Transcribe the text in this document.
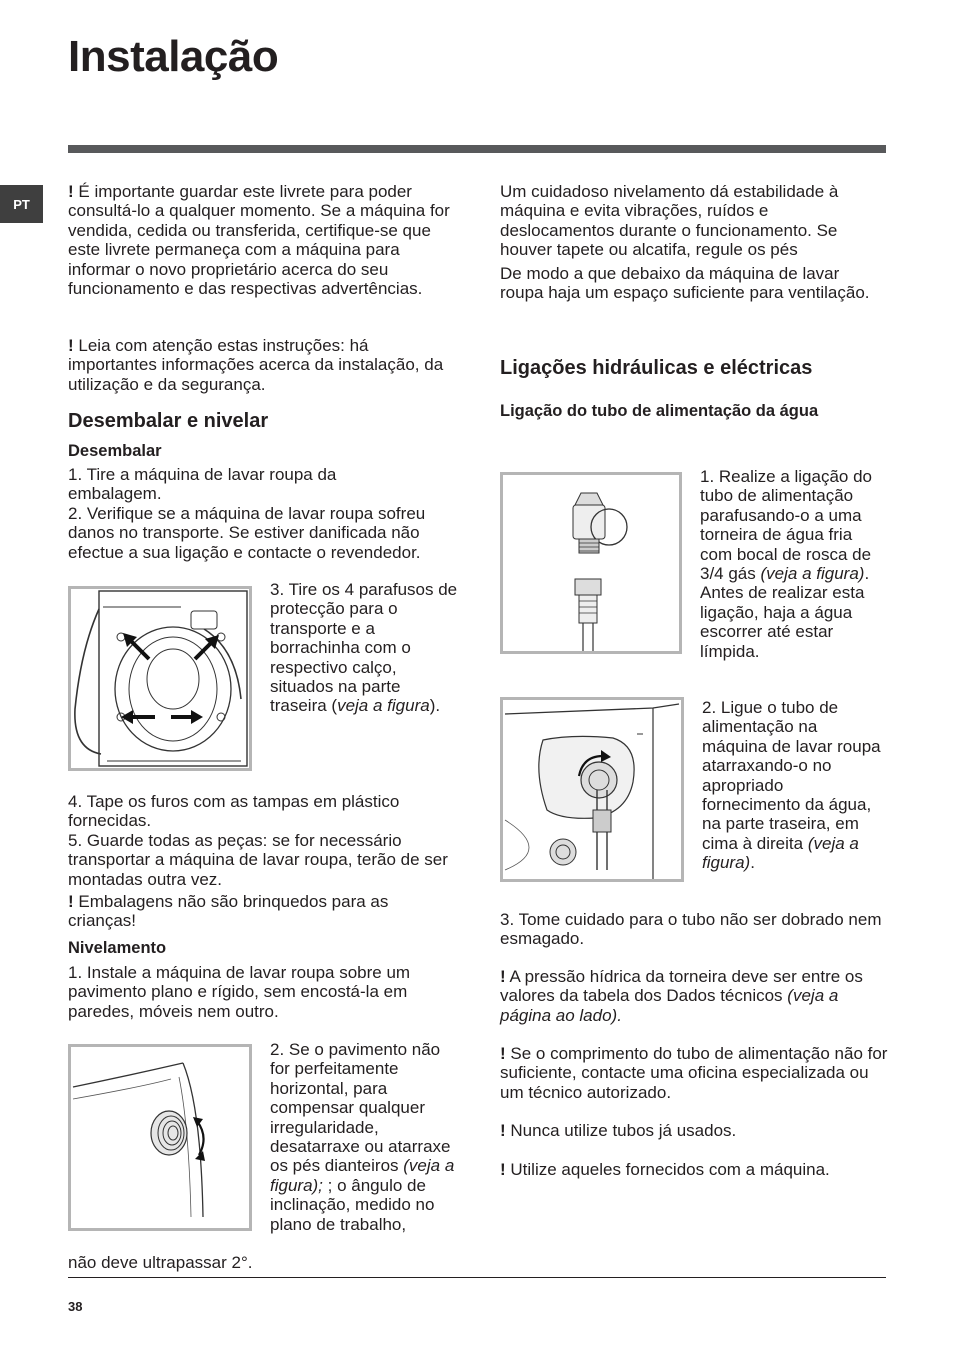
Instalação
PT

! É importante guardar este livrete para poder consultá-lo a qualquer momento. Se a máquina for vendida, cedida ou transferida, certifique-se que este livrete permaneça com a máquina para informar o novo proprietário acerca do seu funcionamento e das respectivas advertências.

! Leia com atenção estas instruções: há importantes informações acerca da instalação, da utilização e da segurança.

Desembalar e nivelar
Desembalar

1. Tire a máquina de lavar roupa da embalagem.
2. Verifique se a máquina de lavar roupa sofreu danos no transporte. Se estiver danificada não efectue a sua ligação e contacte o revendedor.

3. Tire os 4 parafusos de protecção para o transporte e a borrachinha com o respectivo calço, situados na parte traseira (veja a figura).

4. Tape os furos com as tampas em plástico fornecidas.
5. Guarde todas as peças: se for necessário transportar a máquina de lavar roupa, terão de ser montadas outra vez.

! Embalagens não são brinquedos para as crianças!

Nivelamento

1. Instale a máquina de lavar roupa sobre um pavimento plano e rígido, sem encostá-la em paredes, móveis nem outro.

2. Se o pavimento não for perfeitamente horizontal, para compensar qualquer irregularidade, desatarraxe ou atarraxe os pés dianteiros (veja a figura); ; o ângulo de inclinação, medido no plano de trabalho,

não deve ultrapassar 2°.

Um cuidadoso nivelamento dá estabilidade à máquina e evita vibrações, ruídos e deslocamentos durante o funcionamento. Se houver tapete ou alcatifa, regule os pés

De modo a que debaixo da máquina de lavar roupa haja um espaço suficiente para ventilação.

Ligações hidráulicas e eléctricas
Ligação do tubo de alimentação da água

1. Realize a ligação do tubo de alimentação parafusando-o a uma torneira de água fria com bocal de rosca de 3/4 gás (veja a figura).
Antes de realizar esta ligação, haja a água escorrer até estar límpida.

2. Ligue o tubo de alimentação na máquina de lavar roupa atarraxando-o no apropriado fornecimento da água, na parte traseira, em cima à direita (veja a figura).

3. Tome cuidado para o tubo não ser dobrado nem esmagado.

! A pressão hídrica da torneira deve ser entre os valores da tabela dos Dados técnicos (veja a página ao lado).

! Se o comprimento do tubo de alimentação não for suficiente, contacte uma oficina especializada ou um técnico autorizado.

! Nunca utilize tubos já usados.

! Utilize aqueles fornecidos com a máquina.

38
